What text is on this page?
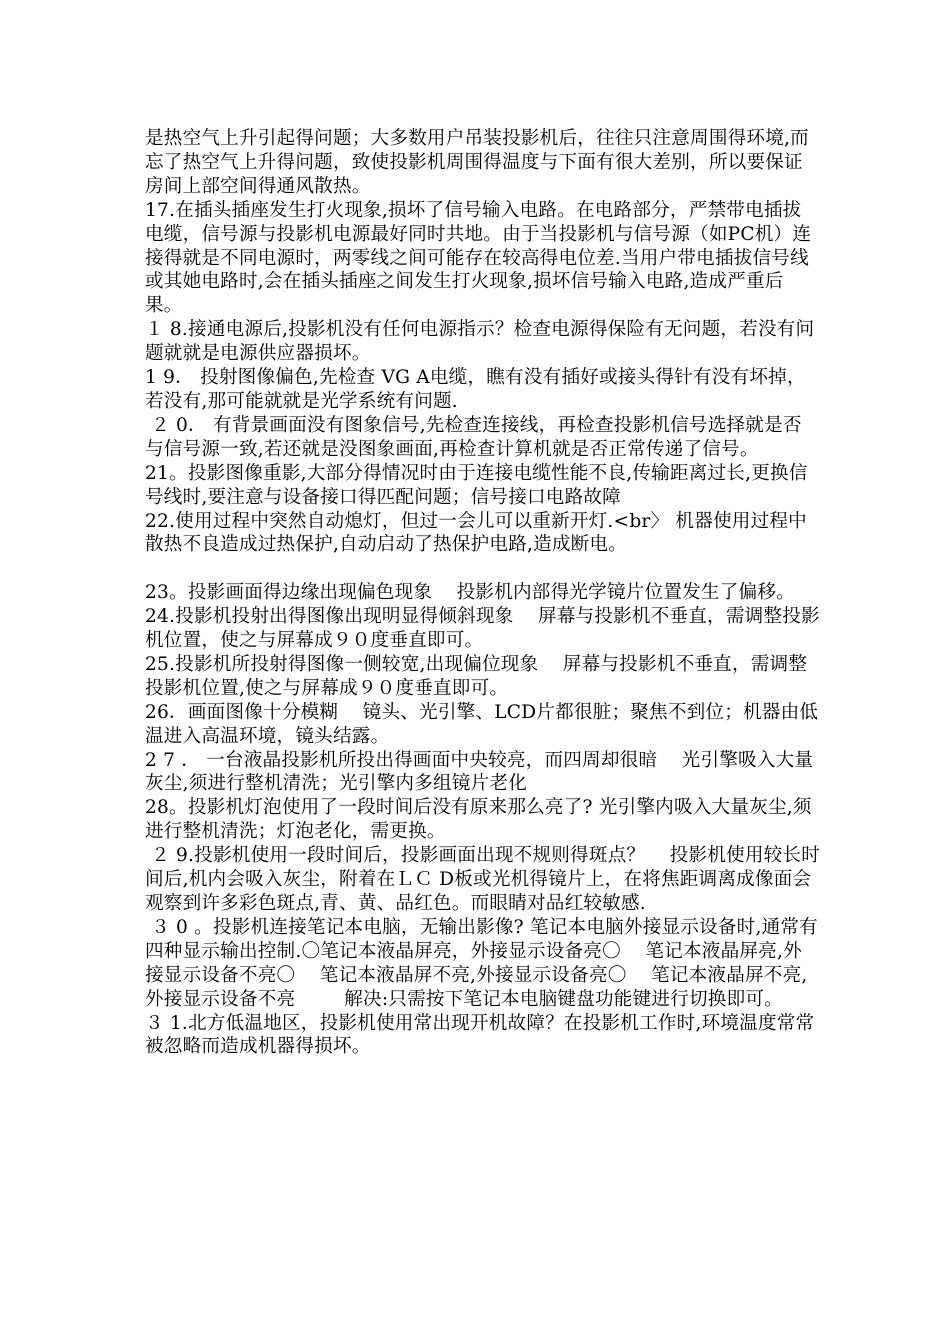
是热空气上升引起得问题；大多数用户吊装投影机后，往往只注意周围得环境,而忘了热空气上升得问题，致使投影机周围得温度与下面有很大差别，所以要保证房间上部空间得通风散热。

17.在插头插座发生打火现象,损坏了信号输入电路。在电路部分，严禁带电插拔电缆，信号源与投影机电源最好同时共地。由于当投影机与信号源（如PC机）连接得就是不同电源时，两零线之间可能存在较高得电位差.当用户带电插拔信号线或其她电路时,会在插头插座之间发生打火现象,损坏信号输入电路,造成严重后果。

１ 8.接通电源后,投影机没有任何电源指示？检查电源得保险有无问题，若没有问题就就是电源供应器损坏。

1 9． 投射图像偏色,先检查 VG A电缆，瞧有没有插好或接头得针有没有坏掉，若没有,那可能就就是光学系统有问题.

２ 0． 有背景画面没有图象信号,先检查连接线，再检查投影机信号选择就是否与信号源一致,若还就是没图象画面,再检查计算机就是否正常传递了信号。

21。投影图像重影,大部分得情况时由于连接电缆性能不良,传输距离过长,更换信号线时,要注意与设备接口得匹配问题；信号接口电路故障

22.使用过程中突然自动熄灯，但过一会儿可以重新开灯.<br〉 机器使用过程中散热不良造成过热保护,自动启动了热保护电路,造成断电。

23。投影画面得边缘出现偏色现象    投影机内部得光学镜片位置发生了偏移。

24.投影机投射出得图像出现明显得倾斜现象    屏幕与投影机不垂直，需调整投影机位置，使之与屏幕成９０度垂直即可。

25.投影机所投射得图像一侧较宽,出现偏位现象    屏幕与投影机不垂直，需调整投影机位置,使之与屏幕成９０度垂直即可。

26．画面图像十分模糊    镜头、光引擎、LCD片都很脏；聚焦不到位；机器由低温进入高温环境，镜头结露。

2 7 ． 一台液晶投影机所投出得画面中央较亮，而四周却很暗    光引擎吸入大量灰尘,须进行整机清洗；光引擎内多组镜片老化

28。投影机灯泡使用了一段时间后没有原来那么亮了? 光引擎内吸入大量灰尘,须进行整机清洗；灯泡老化，需更换。

２ 9.投影机使用一段时间后，投影画面出现不规则得斑点？    投影机使用较长时间后,机内会吸入灰尘，附着在ＬＣ D板或光机得镜片上，在将焦距调离成像面会观察到许多彩色斑点,青、黄、品红色。而眼睛对品红较敏感.

３ 0 。投影机连接笔记本电脑，无输出影像? 笔记本电脑外接显示设备时,通常有四种显示输出控制.〇笔记本液晶屏亮，外接显示设备亮〇    笔记本液晶屏亮,外接显示设备不亮〇    笔记本液晶屏不亮,外接显示设备亮〇    笔记本液晶屏不亮,外接显示设备不亮        解决:只需按下笔记本电脑键盘功能键进行切换即可。

３ 1.北方低温地区，投影机使用常出现开机故障？在投影机工作时,环境温度常常被忽略而造成机器得损坏。
